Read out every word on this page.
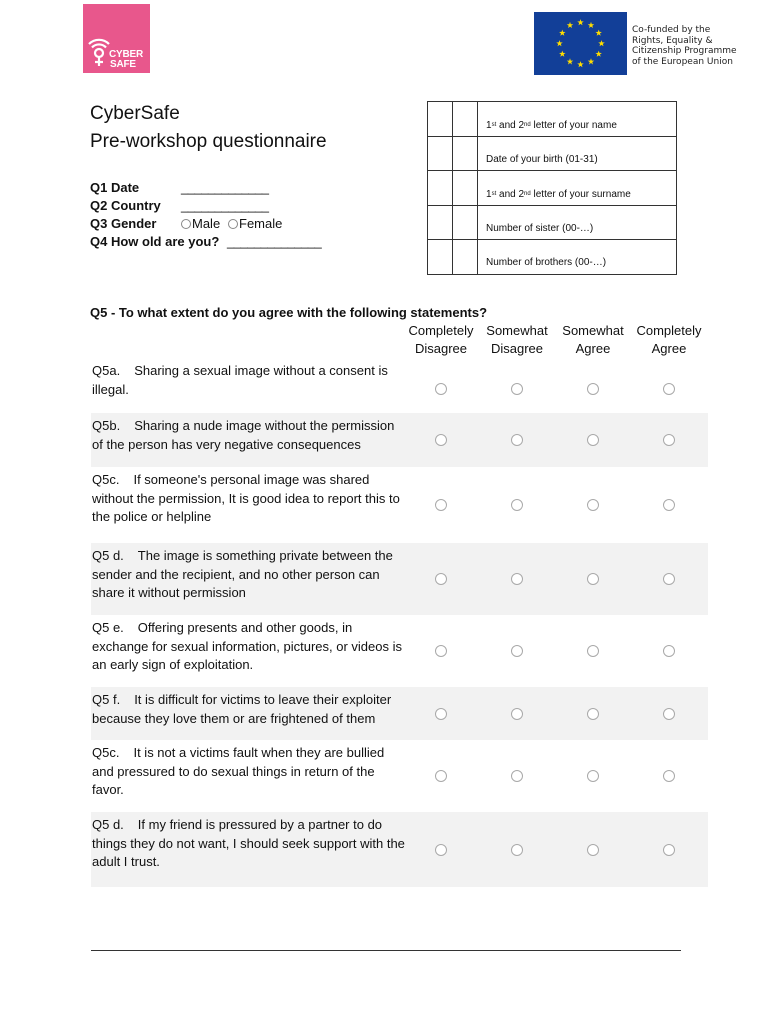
CYBER
SAFE
Co-funded by the
Rights, Equality &
Citizenship Programme
of the European Union
CyberSafe
Pre-workshop questionnaire
Q1 Date	_____________
Q2 Country _____________
Q3 Gender	Male Female
Q4 How old are you? ______________
1st and 2nd letter of your name
Date of your birth (01-31)
1st and 2nd letter of your surname
Number of sister (00-…)
Number of brothers (00-…)
Q5 - To what extent do you agree with the following statements?
Completely
Disagree
Somewhat
Disagree
Somewhat
Agree
Completely
Agree
Q5a. Sharing a sexual image without a consent is illegal.
Q5b. Sharing a nude image without the permission of the person has very negative consequences
Q5c. If someone's personal image was shared without the permission, It is good idea to report this to the police or helpline
Q5 d. The image is something private between the sender and the recipient, and no other person can share it without permission
Q5 e. Offering presents and other goods, in exchange for sexual information, pictures, or videos is an early sign of exploitation.
Q5 f. It is difficult for victims to leave their exploiter because they love them or are frightened of them
Q5c. It is not a victims fault when they are bullied and pressured to do sexual things in return of the favor.
Q5 d. If my friend is pressured by a partner to do things they do not want, I should seek support with the adult I trust.
